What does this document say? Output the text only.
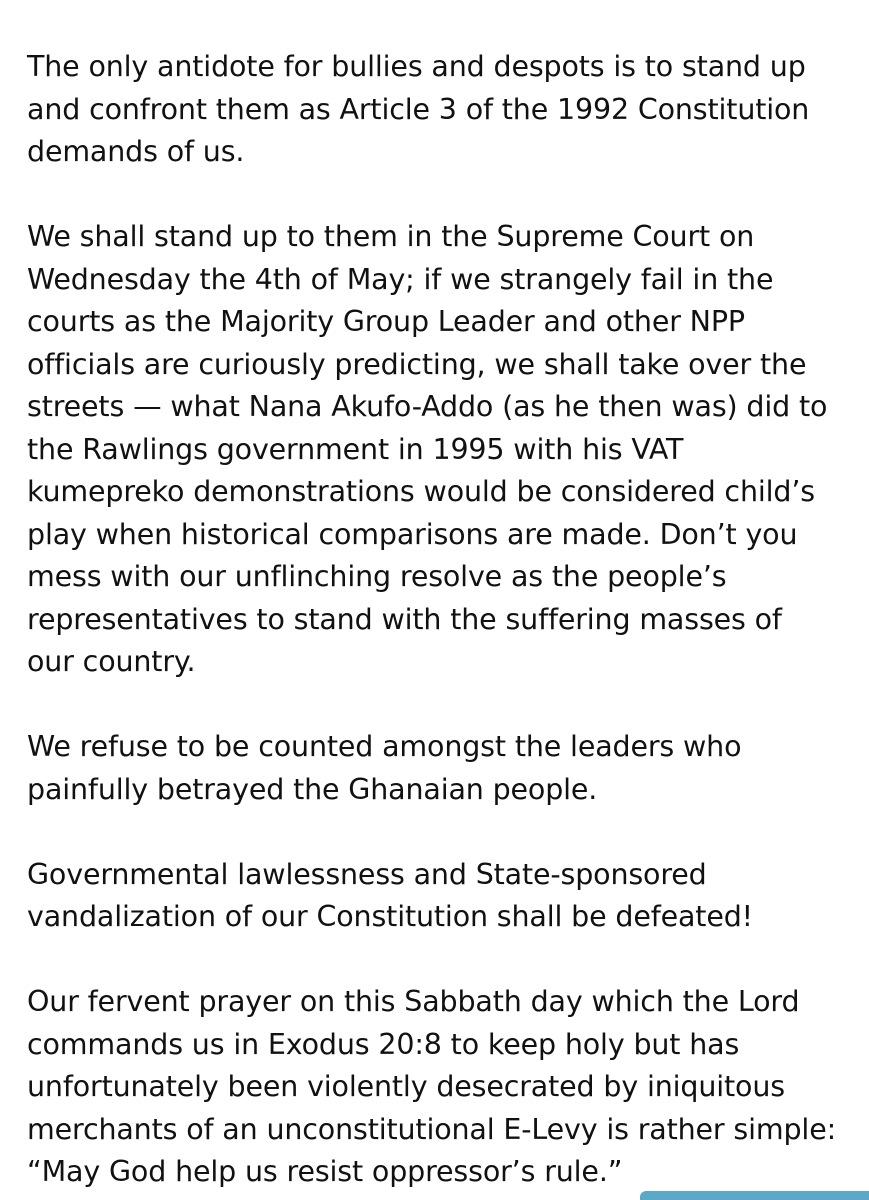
The only antidote for bullies and despots is to stand up
and confront them as Article 3 of the 1992 Constitution
demands of us.

We shall stand up to them in the Supreme Court on
Wednesday the 4th of May; if we strangely fail in the
courts as the Majority Group Leader and other NPP
officials are curiously predicting, we shall take over the
streets — what Nana Akufo-Addo (as he then was) did to
the Rawlings government in 1995 with his VAT
kumepreko demonstrations would be considered child’s
play when historical comparisons are made. Don’t you
mess with our unflinching resolve as the people’s
representatives to stand with the suffering masses of
our country.

We refuse to be counted amongst the leaders who
painfully betrayed the Ghanaian people.

Governmental lawlessness and State-sponsored
vandalization of our Constitution shall be defeated!

Our fervent prayer on this Sabbath day which the Lord
commands us in Exodus 20:8 to keep holy but has
unfortunately been violently desecrated by iniquitous
merchants of an unconstitutional E-Levy is rather simple:
“May God help us resist oppressor’s rule.”
